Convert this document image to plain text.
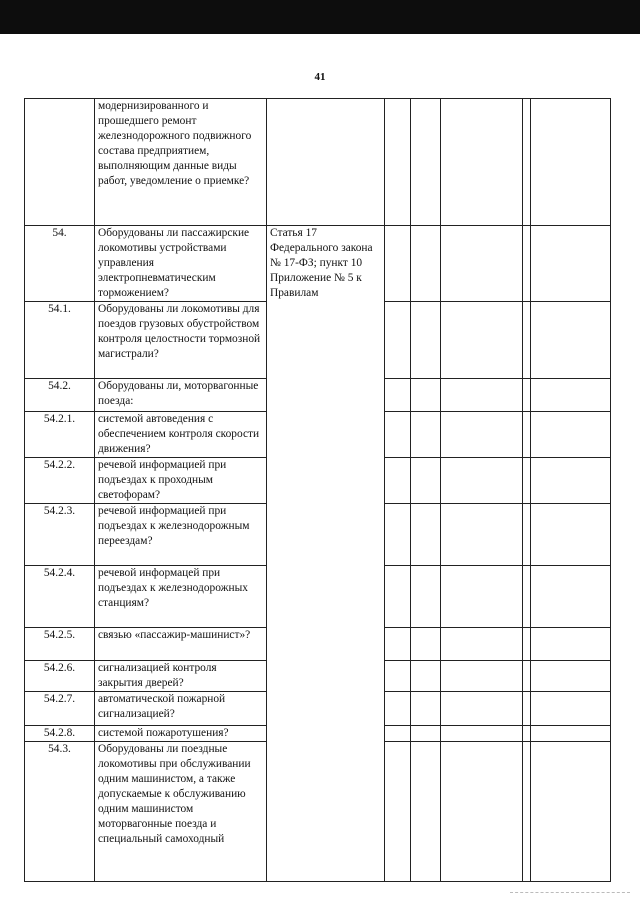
41
	модернизированного и прошедшего ремонт железнодорожного подвижного состава предприятием, выполняющим данные виды работ, уведомление о приемке?						
54.	Оборудованы ли пассажирские локомотивы устройствами управления электропневматическим торможением?	Статья 17 Федерального закона № 17-ФЗ; пункт 10 Приложение № 5 к Правилам					
54.1.	Оборудованы ли локомотивы для поездов грузовых обустройством контроля целостности тормозной магистрали?						
54.2.	Оборудованы ли, моторвагонные поезда:						
54.2.1.	системой автоведения с обеспечением контроля скорости движения?						
54.2.2.	речевой информацией при подъездах к проходным светофорам?						
54.2.3.	речевой информацией при подъездах к железнодорожным переездам?						
54.2.4.	речевой информацей при подъездах к железнодорожных станциям?						
54.2.5.	связью «пассажир-машинист»?						
54.2.6.	сигнализацией контроля закрытия дверей?						
54.2.7.	автоматической пожарной сигнализацией?						
54.2.8.	системой пожаротушения?						
54.3.	Оборудованы ли поездные локомотивы при обслуживании одним машинистом, а также допускаемые к обслуживанию одним машинистом моторвагонные поезда и специальный самоходный						
